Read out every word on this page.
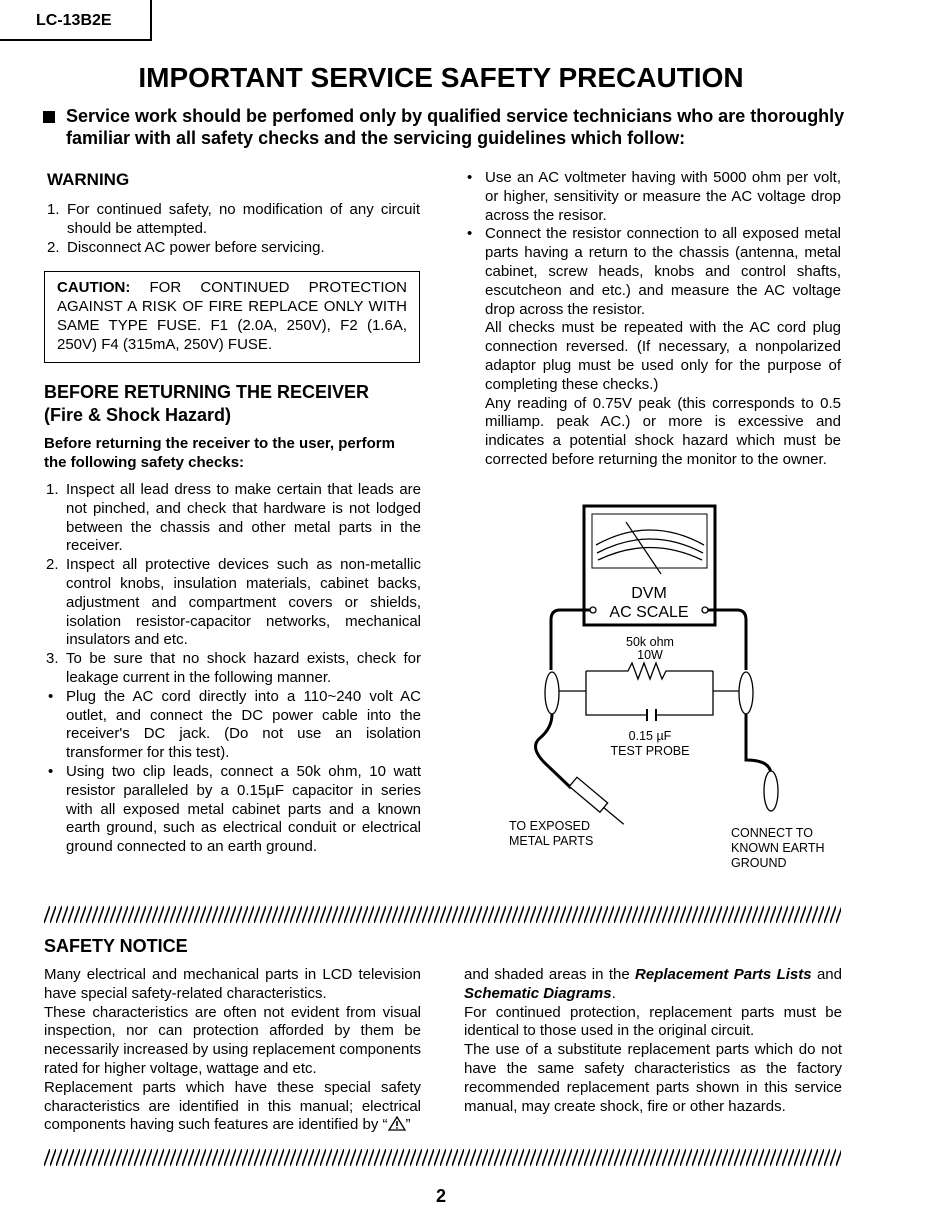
LC-13B2E
IMPORTANT SERVICE SAFETY PRECAUTION
Service work should be perfomed only by qualified service technicians who are thoroughly familiar with all safety checks and the servicing guidelines which follow:
WARNING
1. For continued safety, no modification of any circuit should be attempted.
2. Disconnect AC power before servicing.
CAUTION: FOR CONTINUED PROTECTION AGAINST A RISK OF FIRE REPLACE ONLY WITH SAME TYPE FUSE. F1 (2.0A, 250V), F2 (1.6A, 250V) F4 (315mA, 250V) FUSE.
BEFORE RETURNING THE RECEIVER
(Fire & Shock Hazard)
Before returning the receiver to the user, perform the following safety checks:
1. Inspect all lead dress to make certain that leads are not pinched, and check that hardware is not lodged between the chassis and other metal parts in the receiver.
2. Inspect all protective devices such as non-metallic control knobs, insulation materials, cabinet backs, adjustment and compartment covers or shields, isolation resistor-capacitor networks, mechanical insulators and etc.
3. To be sure that no shock hazard exists, check for leakage current in the following manner.
• Plug the AC cord directly into a 110~240 volt AC outlet, and connect the DC power cable into the receiver's DC jack. (Do not use an isolation transformer for this test).
• Using two clip leads, connect a 50k ohm, 10 watt resistor paralleled by a 0.15µF capacitor in series with all exposed metal cabinet parts and a known earth ground, such as electrical conduit or electrical ground connected to an earth ground.
• Use an AC voltmeter having with 5000 ohm per volt, or higher, sensitivity or measure the AC voltage drop across the resisor.
• Connect the resistor connection to all exposed metal parts having a return to the chassis (antenna, metal cabinet, screw heads, knobs and control shafts, escutcheon and etc.) and measure the AC voltage drop across the resistor.
All checks must be repeated with the AC cord plug connection reversed. (If necessary, a nonpolarized adaptor plug must be used only for the purpose of completing these checks.)
Any reading of 0.75V peak (this corresponds to 0.5 milliamp. peak AC.) or more is excessive and indicates a potential shock hazard which must be corrected before returning the monitor to the owner.
DVM
AC SCALE
50k ohm
10W
0.15 µF
TEST PROBE
TO EXPOSED
METAL PARTS
CONNECT TO
KNOWN EARTH
GROUND
SAFETY NOTICE
Many electrical and mechanical parts in LCD television have special safety-related characteristics.
These characteristics are often not evident from visual inspection, nor can protection afforded by them be necessarily increased by using replacement components rated for higher voltage, wattage and etc.
Replacement parts which have these special safety characteristics are identified in this manual; electrical components having such features are identified by “ ”
and shaded areas in the Replacement Parts Lists and Schematic Diagrams.
For continued protection, replacement parts must be identical to those used in the original circuit.
The use of a substitute replacement parts which do not have the same safety characteristics as the factory recommended replacement parts shown in this service manual, may create shock, fire or other hazards.
2
